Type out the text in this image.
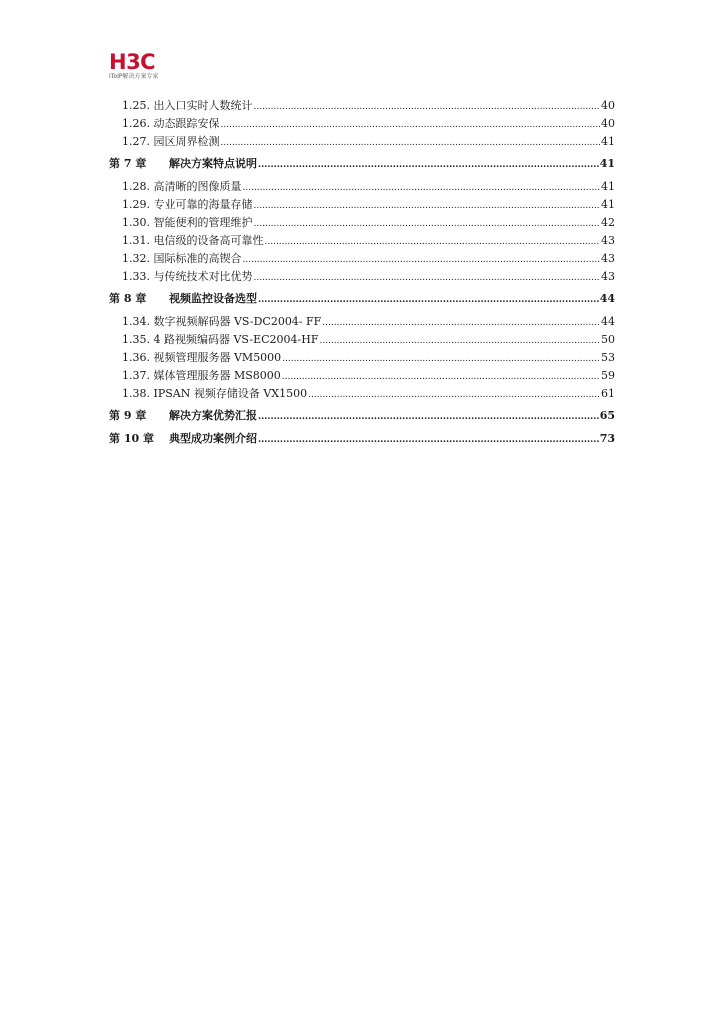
H3C
IToIP解决方案专家
1.25. 出入口实时人数统计 .....	40
1.26. 动态跟踪安保 .....	40
1.27. 园区周界检测 .....	41
第 7 章	解决方案特点说明 .....	41
1.28. 高清晰的图像质量 .....	41
1.29. 专业可靠的海量存储 .....	41
1.30. 智能便利的管理维护 .....	42
1.31. 电信级的设备高可靠性 .....	43
1.32. 国际标准的高锲合 .....	43
1.33. 与传统技术对比优势 .....	43
第 8 章	视频监控设备选型 .....	44
1.34. 数字视频解码器 VS-DC2004- FF .....	44
1.35. 4 路视频编码器 VS-EC2004-HF .....	50
1.36. 视频管理服务器 VM5000 .....	53
1.37. 媒体管理服务器 MS8000 .....	59
1.38. IPSAN 视频存储设备 VX1500 .....	61
第 9 章	解决方案优势汇报 .....	65
第 10 章	典型成功案例介绍 .....	73
